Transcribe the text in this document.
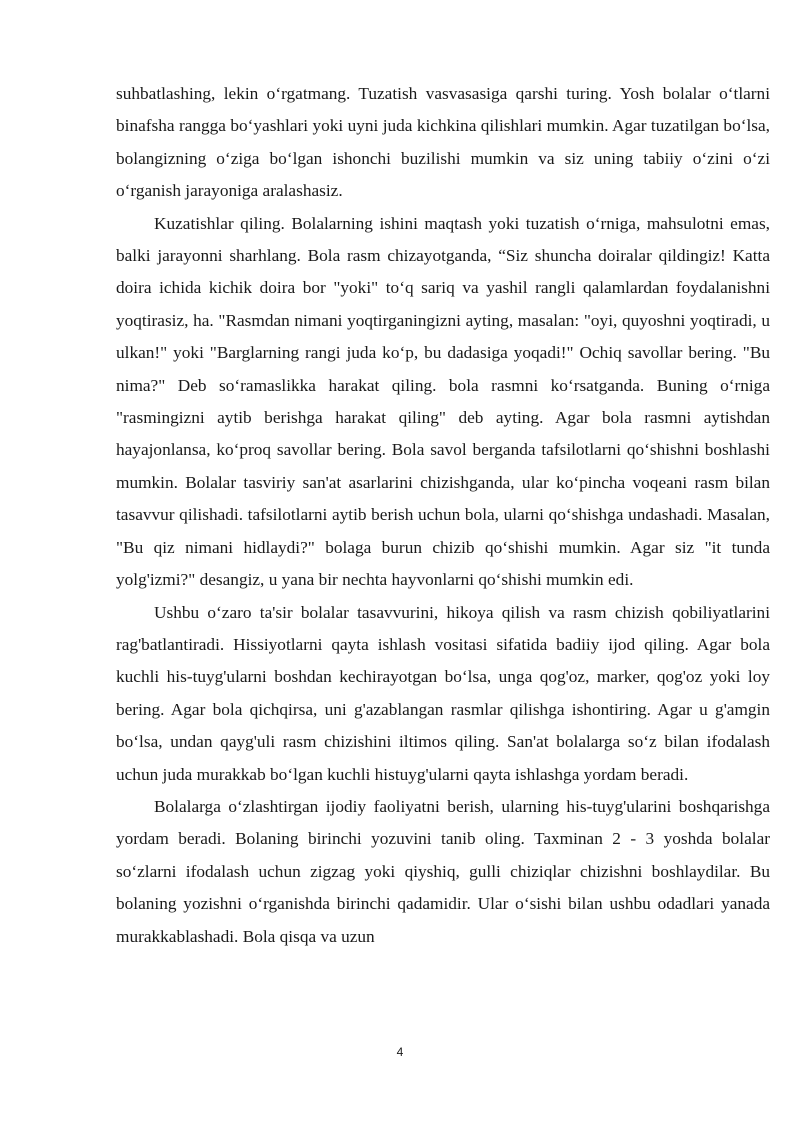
suhbatlashing, lekin o‘rgatmang. Tuzatish vasvasasiga qarshi turing. Yosh bolalar o‘tlarni binafsha rangga bo‘yashlari yoki uyni juda kichkina qilishlari mumkin. Agar tuzatilgan bo‘lsa, bolangizning o‘ziga bo‘lgan ishonchi buzilishi mumkin va siz uning tabiiy o‘zini o‘zi o‘rganish jarayoniga aralashasiz.

Kuzatishlar qiling. Bolalarning ishini maqtash yoki tuzatish o‘rniga, mahsulotni emas, balki jarayonni sharhlang. Bola rasm chizayotganda, “Siz shuncha doiralar qildingiz! Katta doira ichida kichik doira bor "yoki" to‘q sariq va yashil rangli qalamlardan foydalanishni yoqtirasiz, ha. "Rasmdan nimani yoqtirganingizni ayting, masalan: "oyi, quyoshni yoqtiradi, u ulkan!" yoki "Barglarning rangi juda ko‘p, bu dadasiga yoqadi!" Ochiq savollar bering. "Bu nima?" Deb so‘ramaslikka harakat qiling. bola rasmni ko‘rsatganda. Buning o‘rniga "rasmingizni aytib berishga harakat qiling" deb ayting. Agar bola rasmni aytishdan hayajonlansa, ko‘proq savollar bering. Bola savol berganda tafsilotlarni qo‘shishni boshlashi mumkin. Bolalar tasviriy san'at asarlarini chizishganda, ular ko‘pincha voqeani rasm bilan tasavvur qilishadi. tafsilotlarni aytib berish uchun bola, ularni qo‘shishga undashadi. Masalan, "Bu qiz nimani hidlaydi?" bolaga burun chizib qo‘shishi mumkin. Agar siz "it tunda yolg'izmi?" desangiz, u yana bir nechta hayvonlarni qo‘shishi mumkin edi.

Ushbu o‘zaro ta'sir bolalar tasavvurini, hikoya qilish va rasm chizish qobiliyatlarini rag'batlantiradi. Hissiyotlarni qayta ishlash vositasi sifatida badiiy ijod qiling. Agar bola kuchli his-tuyg'ularni boshdan kechirayotgan bo‘lsa, unga qog'oz, marker, qog'oz yoki loy bering. Agar bola qichqirsa, uni g'azablangan rasmlar qilishga ishontiring. Agar u g'amgin bo‘lsa, undan qayg'uli rasm chizishini iltimos qiling. San'at bolalarga so‘z bilan ifodalash uchun juda murakkab bo‘lgan kuchli histuyg'ularni qayta ishlashga yordam beradi.

Bolalarga o‘zlashtirgan ijodiy faoliyatni berish, ularning his-tuyg'ularini boshqarishga yordam beradi. Bolaning birinchi yozuvini tanib oling. Taxminan 2 - 3 yoshda bolalar so‘zlarni ifodalash uchun zigzag yoki qiyshiq, gulli chiziqlar chizishni boshlaydilar. Bu bolaning yozishni o‘rganishda birinchi qadamidir. Ular o‘sishi bilan ushbu odadlari yanada murakkablashadi. Bola qisqa va uzun

4
